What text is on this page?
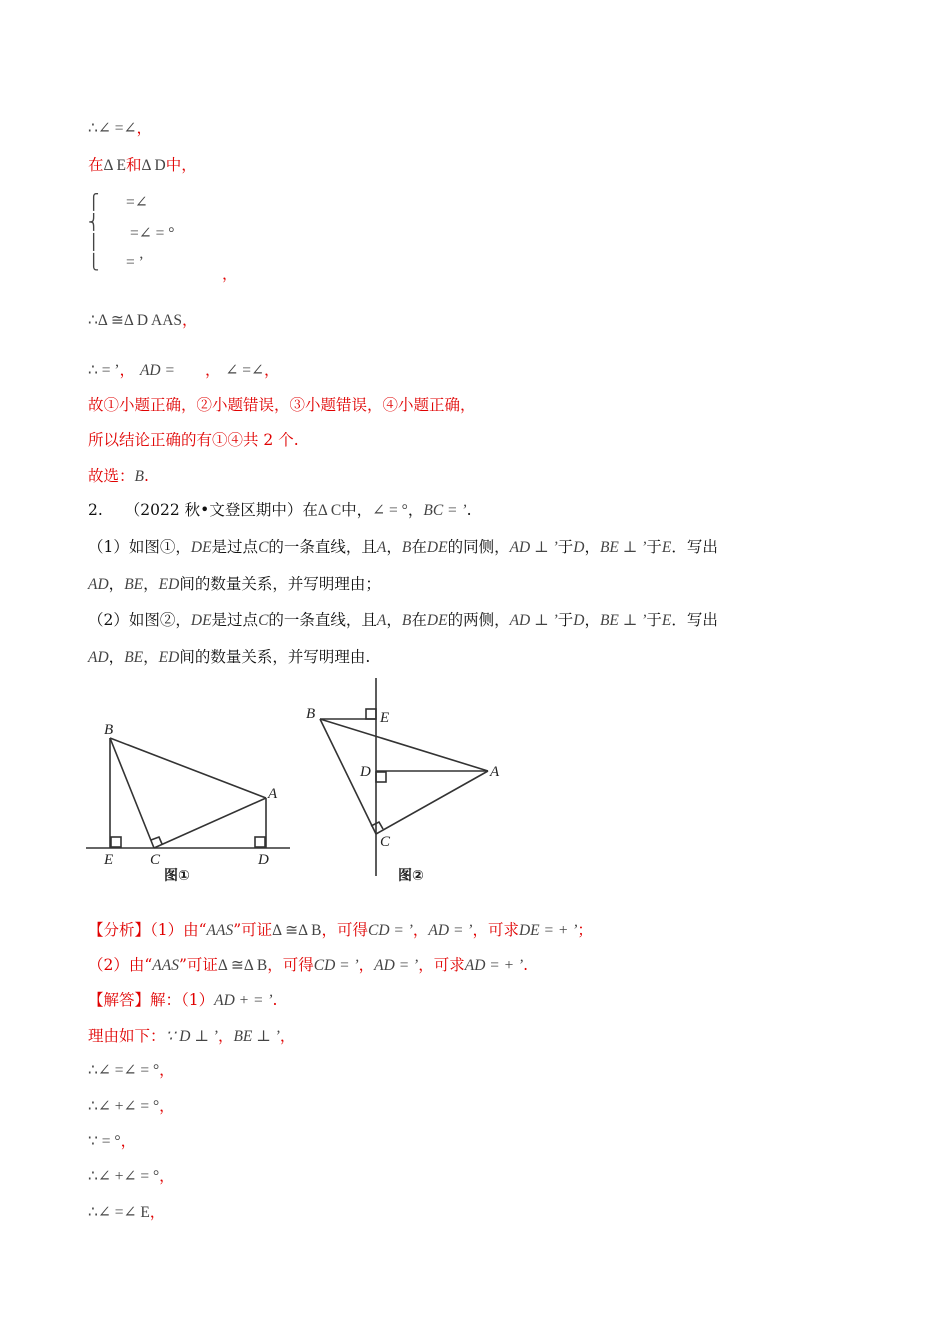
∴∠ =∠，
在Δ E和Δ D中，
⎧
⎨
⎪
⎩
=∠
=∠ = °
= ’
，
∴Δ ≅Δ D AAS，
∴ = ’， AD = ， ∠ =∠，
故①小题正确，②小题错误，③小题错误，④小题正确，
所以结论正确的有①④共 2 个.
故选：B.
2. （2022 秋•文登区期中）在Δ C中，∠ = °，BC = ’.
（1）如图①，DE是过点C的一条直线，且A，B在DE的同侧，AD ⊥ ’于D，BE ⊥ ’于E．写出
AD，BE，ED间的数量关系，并写明理由；
（2）如图②，DE是过点C的一条直线，且A，B在DE的两侧，AD ⊥ ’于D，BE ⊥ ’于E．写出
AD，BE，ED间的数量关系，并写明理由.
B
A
E C	D
图①
B	E
D	A
C
图②
【分析】（1）由“AAS”可证Δ ≅Δ B，可得CD = ’，AD = ’，可求DE = + ’；
（2）由“AAS”可证Δ ≅Δ B，可得CD = ’，AD = ’，可求AD = + ’.
【解答】解：（1）AD + = ’.
理由如下：∵ D ⊥ ’，BE ⊥ ’，
∴∠ =∠ = °，
∴∠ +∠ = °，
∵ = °，
∴∠ +∠ = °，
∴∠ =∠ E，
